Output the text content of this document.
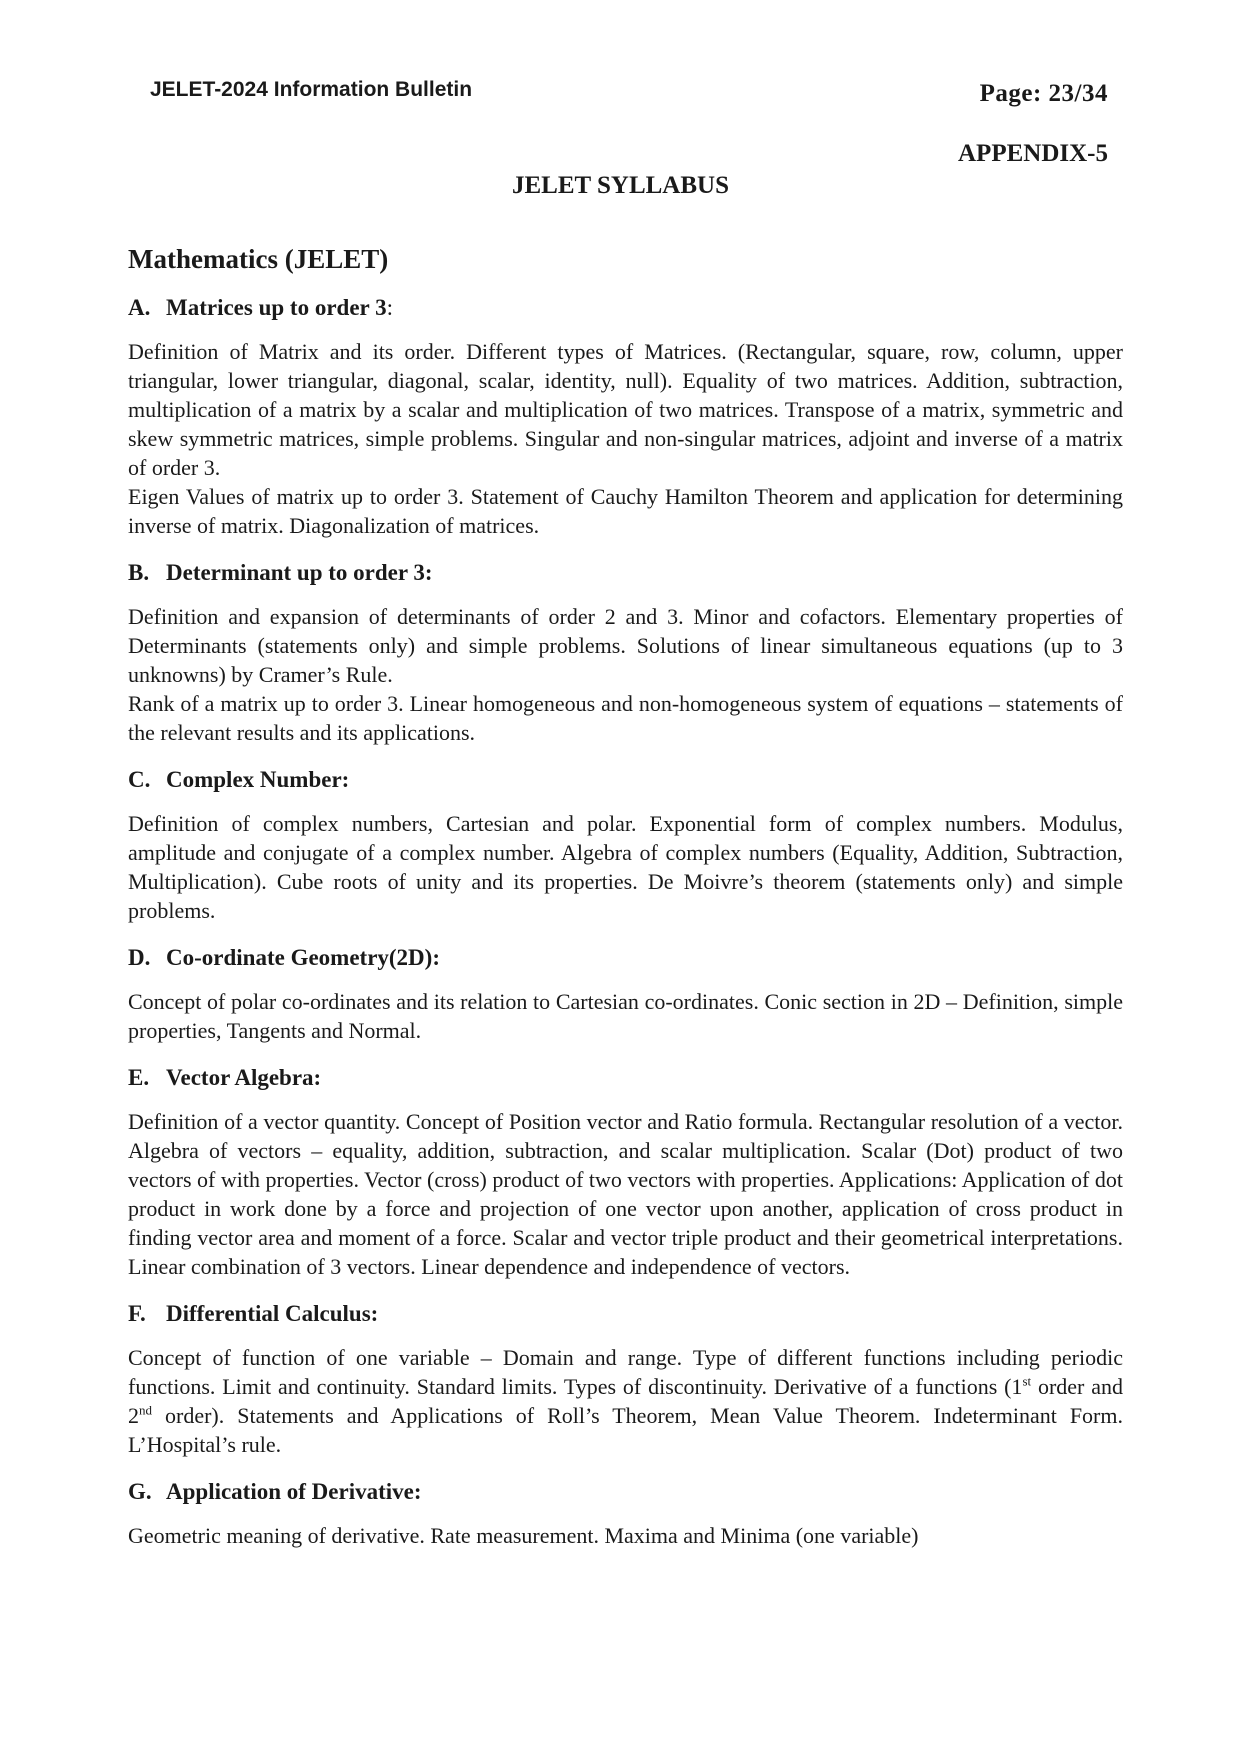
JELET-2024 Information Bulletin	Page: 23/34
APPENDIX-5
JELET SYLLABUS
Mathematics (JELET)
A. Matrices up to order 3:

Definition of Matrix and its order. Different types of Matrices. (Rectangular, square, row, column, upper triangular, lower triangular, diagonal, scalar, identity, null). Equality of two matrices. Addition, subtraction, multiplication of a matrix by a scalar and multiplication of two matrices. Transpose of a matrix, symmetric and skew symmetric matrices, simple problems. Singular and non-singular matrices, adjoint and inverse of a matrix of order 3.

Eigen Values of matrix up to order 3. Statement of Cauchy Hamilton Theorem and application for determining inverse of matrix. Diagonalization of matrices.

B. Determinant up to order 3:

Definition and expansion of determinants of order 2 and 3. Minor and cofactors. Elementary properties of Determinants (statements only) and simple problems. Solutions of linear simultaneous equations (up to 3 unknowns) by Cramer’s Rule.

Rank of a matrix up to order 3. Linear homogeneous and non-homogeneous system of equations – statements of the relevant results and its applications.

C. Complex Number:

Definition of complex numbers, Cartesian and polar. Exponential form of complex numbers. Modulus, amplitude and conjugate of a complex number. Algebra of complex numbers (Equality, Addition, Subtraction, Multiplication). Cube roots of unity and its properties. De Moivre’s theorem (statements only) and simple problems.

D. Co-ordinate Geometry(2D):

Concept of polar co-ordinates and its relation to Cartesian co-ordinates. Conic section in 2D – Definition, simple properties, Tangents and Normal.

E. Vector Algebra:

Definition of a vector quantity. Concept of Position vector and Ratio formula. Rectangular resolution of a vector. Algebra of vectors – equality, addition, subtraction, and scalar multiplication. Scalar (Dot) product of two vectors of with properties. Vector (cross) product of two vectors with properties. Applications: Application of dot product in work done by a force and projection of one vector upon another, application of cross product in finding vector area and moment of a force. Scalar and vector triple product and their geometrical interpretations. Linear combination of 3 vectors. Linear dependence and independence of vectors.

F. Differential Calculus:

Concept of function of one variable – Domain and range. Type of different functions including periodic functions. Limit and continuity. Standard limits. Types of discontinuity. Derivative of a functions (1st order and 2nd order). Statements and Applications of Roll’s Theorem, Mean Value Theorem. Indeterminant Form. L’Hospital’s rule.

G. Application of Derivative:

Geometric meaning of derivative. Rate measurement. Maxima and Minima (one variable)
